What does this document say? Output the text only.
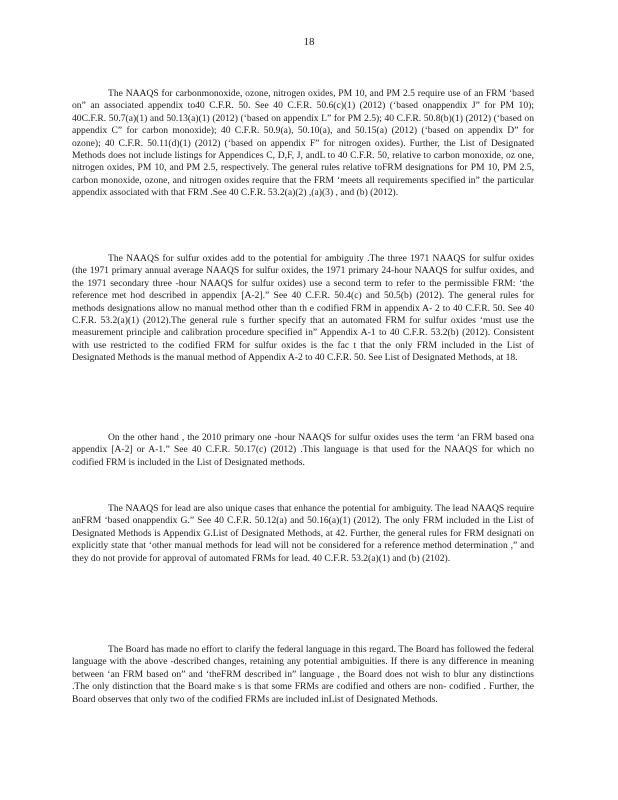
18

The NAAQS for carbonmonoxide, ozone, nitrogen oxides, PM 10, and PM 2.5 require use of an FRM ‘based on” an associated appendix to40 C.F.R. 50. See 40 C.F.R. 50.6(c)(1) (2012) (‘based onappendix J” for PM 10); 40C.F.R. 50.7(a)(1) and 50.13(a)(1) (2012) (‘based on appendix L” for PM 2.5); 40 C.F.R. 50.8(b)(1) (2012) (‘based on appendix C” for carbon monoxide); 40 C.F.R. 50.9(a), 50.10(a), and 50.15(a) (2012) (‘based on appendix D” for ozone); 40 C.F.R. 50.11(d)(1) (2012) (‘based on appendix F” for nitrogen oxides). Further, the List of Designated Methods does not include listings for Appendices C, D,F, J, andL to 40 C.F.R. 50, relative to carbon monoxide, oz one, nitrogen oxides, PM 10, and PM 2.5, respectively. The general rules relative toFRM designations for PM 10, PM 2.5, carbon monoxide, ozone, and nitrogen oxides require that the FRM ‘meets all requirements specified in” the particular appendix associated with that FRM .See 40 C.F.R. 53.2(a)(2) ,(a)(3) , and (b) (2012).

The NAAQS for sulfur oxides add to the potential for ambiguity .The three 1971 NAAQS for sulfur oxides (the 1971 primary annual average NAAQS for sulfur oxides, the 1971 primary 24-hour NAAQS for sulfur oxides, and the 1971 secondary three -hour NAAQS for sulfur oxides) use a second term to refer to the permissible FRM: ‘the reference met hod described in appendix [A-2].” See 40 C.F.R. 50.4(c) and 50.5(b) (2012). The general rules for methods designations allow no manual method other than th e codified FRM in appendix A- 2 to 40 C.F.R. 50. See 40 C.F.R. 53.2(a)(1) (2012).The general rule s further specify that an automated FRM for sulfur oxides ‘must use the measurement principle and calibration procedure specified in” Appendix A-1 to 40 C.F.R. 53.2(b) (2012). Consistent with use restricted to the codified FRM for sulfur oxides is the fac t that the only FRM included in the List of Designated Methods is the manual method of Appendix A-2 to 40 C.F.R. 50. See List of Designated Methods, at 18.

On the other hand , the 2010 primary one -hour NAAQS for sulfur oxides uses the term ‘an FRM based ona appendix [A-2] or A-1.” See 40 C.F.R. 50.17(c) (2012) .This language is that used for the NAAQS for which no codified FRM is included in the List of Designated methods.

The NAAQS for lead are also unique cases that enhance the potential for ambiguity. The lead NAAQS require anFRM ‘based onappendix G.” See 40 C.F.R. 50.12(a) and 50.16(a)(1) (2012). The only FRM included in the List of Designated Methods is Appendix G.List of Designated Methods, at 42. Further, the general rules for FRM designati on explicitly state that ‘other manual methods for lead will not be considered for a reference method determination ,” and they do not provide for approval of automated FRMs for lead. 40 C.F.R. 53.2(a)(1) and (b) (2102).

The Board has made no effort to clarify the federal language in this regard. The Board has followed the federal language with the above -described changes, retaining any potential ambiguities. If there is any difference in meaning between ‘an FRM based on” and ‘theFRM described in” language , the Board does not wish to blur any distinctions .The only distinction that the Board make s is that some FRMs are codified and others are non- codified . Further, the Board observes that only two of the codified FRMs are included inList of Designated Methods.
